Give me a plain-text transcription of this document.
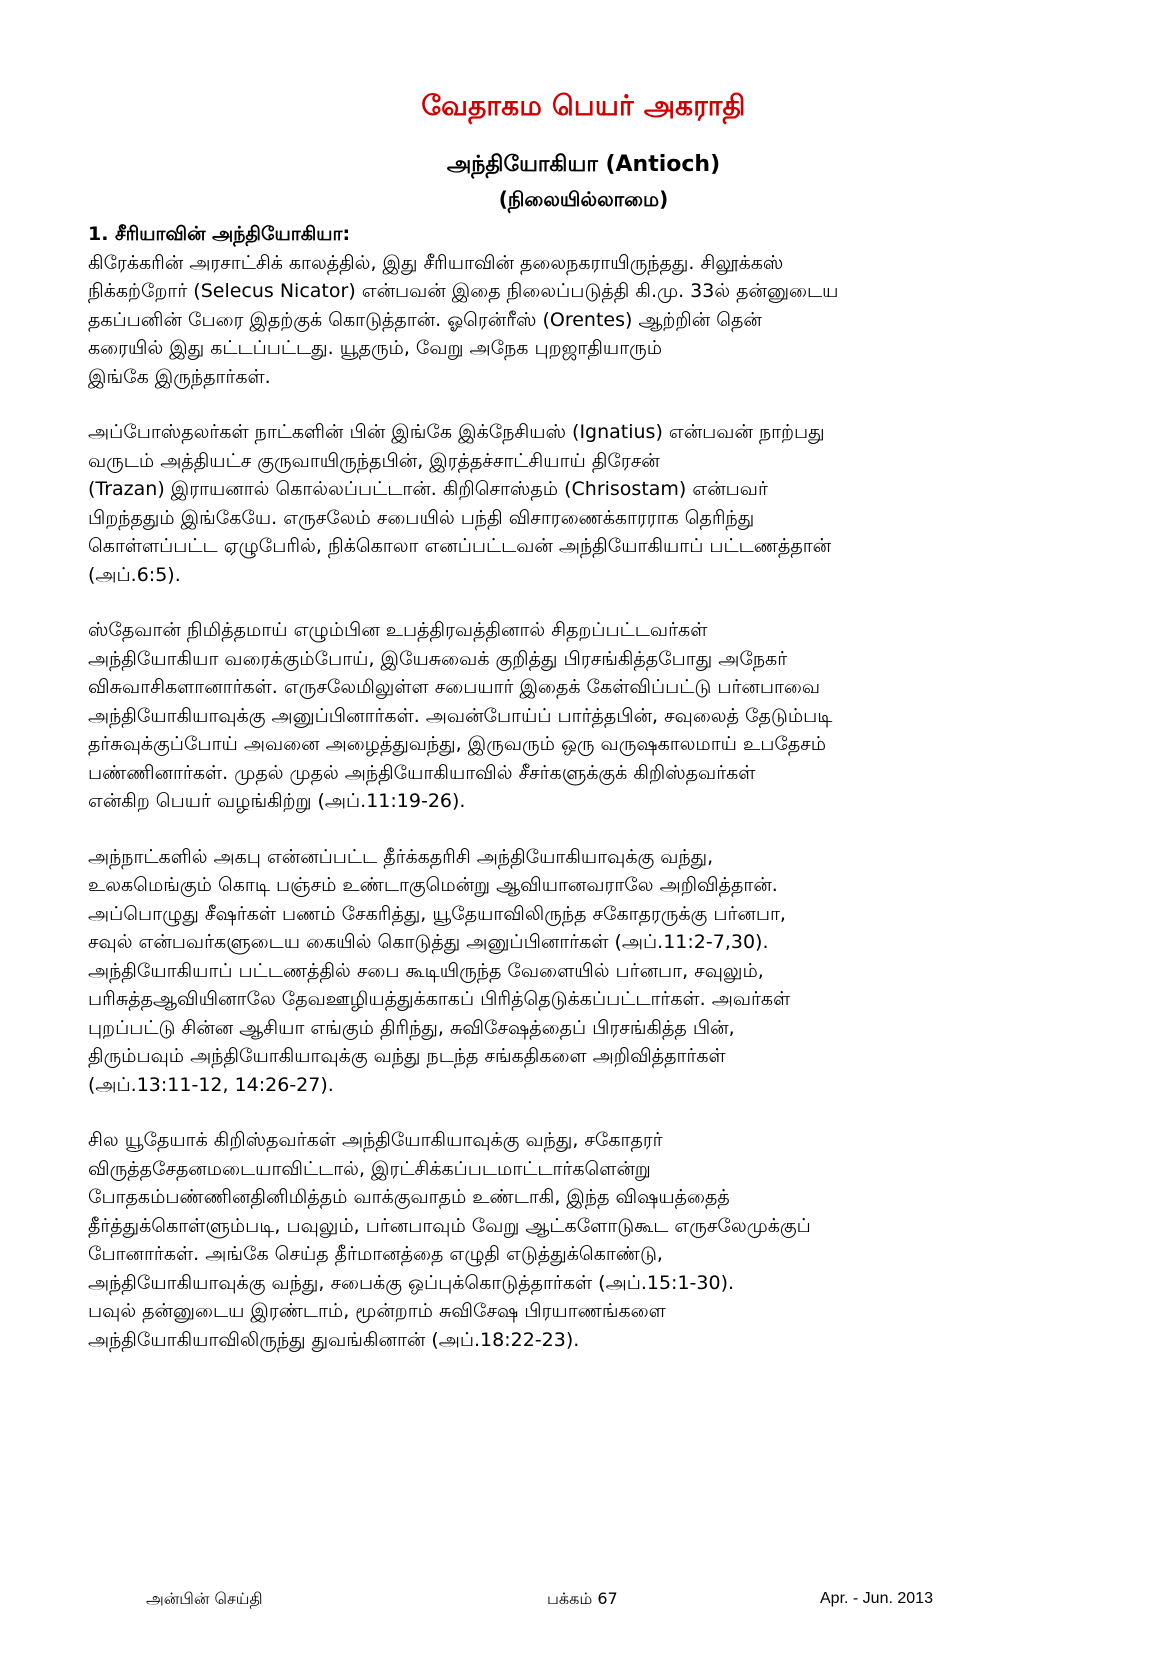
வேதாகம பெயர் அகராதி
அந்தியோகியா (Antioch)
(நிலையில்லாமை)

1. சீரியாவின் அந்தியோகியா:

கிரேக்கரின் அரசாட்சிக் காலத்தில், இது சீரியாவின் தலைநகராயிருந்தது. சிலூக்கஸ்
நிக்கற்றோர் (Selecus Nicator) என்பவன் இதை நிலைப்படுத்தி கி.மு. 33ல் தன்னுடைய
தகப்பனின் பேரை இதற்குக் கொடுத்தான். ஓரென்ரீஸ் (Orentes) ஆற்றின் தென்
கரையில் இது கட்டப்பட்டது. யூதரும், வேறு அநேக புறஜாதியாரும்
இங்கே இருந்தார்கள்.
அப்போஸ்தலர்கள் நாட்களின் பின் இங்கே இக்நேசியஸ் (Ignatius) என்பவன் நாற்பது
வருடம் அத்தியட்ச குருவாயிருந்தபின், இரத்தச்சாட்சியாய் திரேசன்
(Trazan) இராயனால் கொல்லப்பட்டான். கிறிசொஸ்தம் (Chrisostam) என்பவர்
பிறந்ததும் இங்கேயே. எருசலேம் சபையில் பந்தி விசாரணைக்காரராக தெரிந்து
கொள்ளப்பட்ட ஏழுபேரில், நிக்கொலா எனப்பட்டவன் அந்தியோகியாப் பட்டணத்தான்
(அப்.6:5).
ஸ்தேவான் நிமித்தமாய் எழும்பின உபத்திரவத்தினால் சிதறப்பட்டவர்கள்
அந்தியோகியா வரைக்கும்போய், இயேசுவைக் குறித்து பிரசங்கித்தபோது அநேகர்
விசுவாசிகளானார்கள். எருசலேமிலுள்ள சபையார் இதைக் கேள்விப்பட்டு பர்னபாவை
அந்தியோகியாவுக்கு அனுப்பினார்கள். அவன்போய்ப் பார்த்தபின், சவுலைத் தேடும்படி
தர்சுவுக்குப்போய் அவனை அழைத்துவந்து, இருவரும் ஒரு வருஷகாலமாய் உபதேசம்
பண்ணினார்கள். முதல் முதல் அந்தியோகியாவில் சீசர்களுக்குக் கிறிஸ்தவர்கள்
என்கிற பெயர் வழங்கிற்று (அப்.11:19-26).
அந்நாட்களில் அகபு என்னப்பட்ட தீர்க்கதரிசி அந்தியோகியாவுக்கு வந்து,
உலகமெங்கும் கொடி பஞ்சம் உண்டாகுமென்று ஆவியானவராலே அறிவித்தான்.
அப்பொழுது சீஷர்கள் பணம் சேகரித்து, யூதேயாவிலிருந்த சகோதரருக்கு பர்னபா,
சவுல் என்பவர்களுடைய கையில் கொடுத்து அனுப்பினார்கள் (அப்.11:2-7,30).
அந்தியோகியாப் பட்டணத்தில் சபை கூடியிருந்த வேளையில் பர்னபா, சவுலும்,
பரிசுத்தஆவியினாலே தேவஊழியத்துக்காகப் பிரித்தெடுக்கப்பட்டார்கள். அவர்கள்
புறப்பட்டு சின்ன ஆசியா எங்கும் திரிந்து, சுவிசேஷத்தைப் பிரசங்கித்த பின்,
திரும்பவும் அந்தியோகியாவுக்கு வந்து நடந்த சங்கதிகளை அறிவித்தார்கள்
(அப்.13:11-12, 14:26-27).
சில யூதேயாக் கிறிஸ்தவர்கள் அந்தியோகியாவுக்கு வந்து, சகோதரர்
விருத்தசேதனமடையாவிட்டால், இரட்சிக்கப்படமாட்டார்களென்று
போதகம்பண்ணினதினிமித்தம் வாக்குவாதம் உண்டாகி, இந்த விஷயத்தைத்
தீர்த்துக்கொள்ளும்படி, பவுலும், பர்னபாவும் வேறு ஆட்களோடுகூட எருசலேமுக்குப்
போனார்கள். அங்கே செய்த தீர்மானத்தை எழுதி எடுத்துக்கொண்டு,
அந்தியோகியாவுக்கு வந்து, சபைக்கு ஒப்புக்கொடுத்தார்கள் (அப்.15:1-30).
பவுல் தன்னுடைய இரண்டாம், மூன்றாம் சுவிசேஷ பிரயாணங்களை
அந்தியோகியாவிலிருந்து துவங்கினான் (அப்.18:22-23).
அன்பின் செய்தி	பக்கம் 67	Apr. - Jun. 2013
